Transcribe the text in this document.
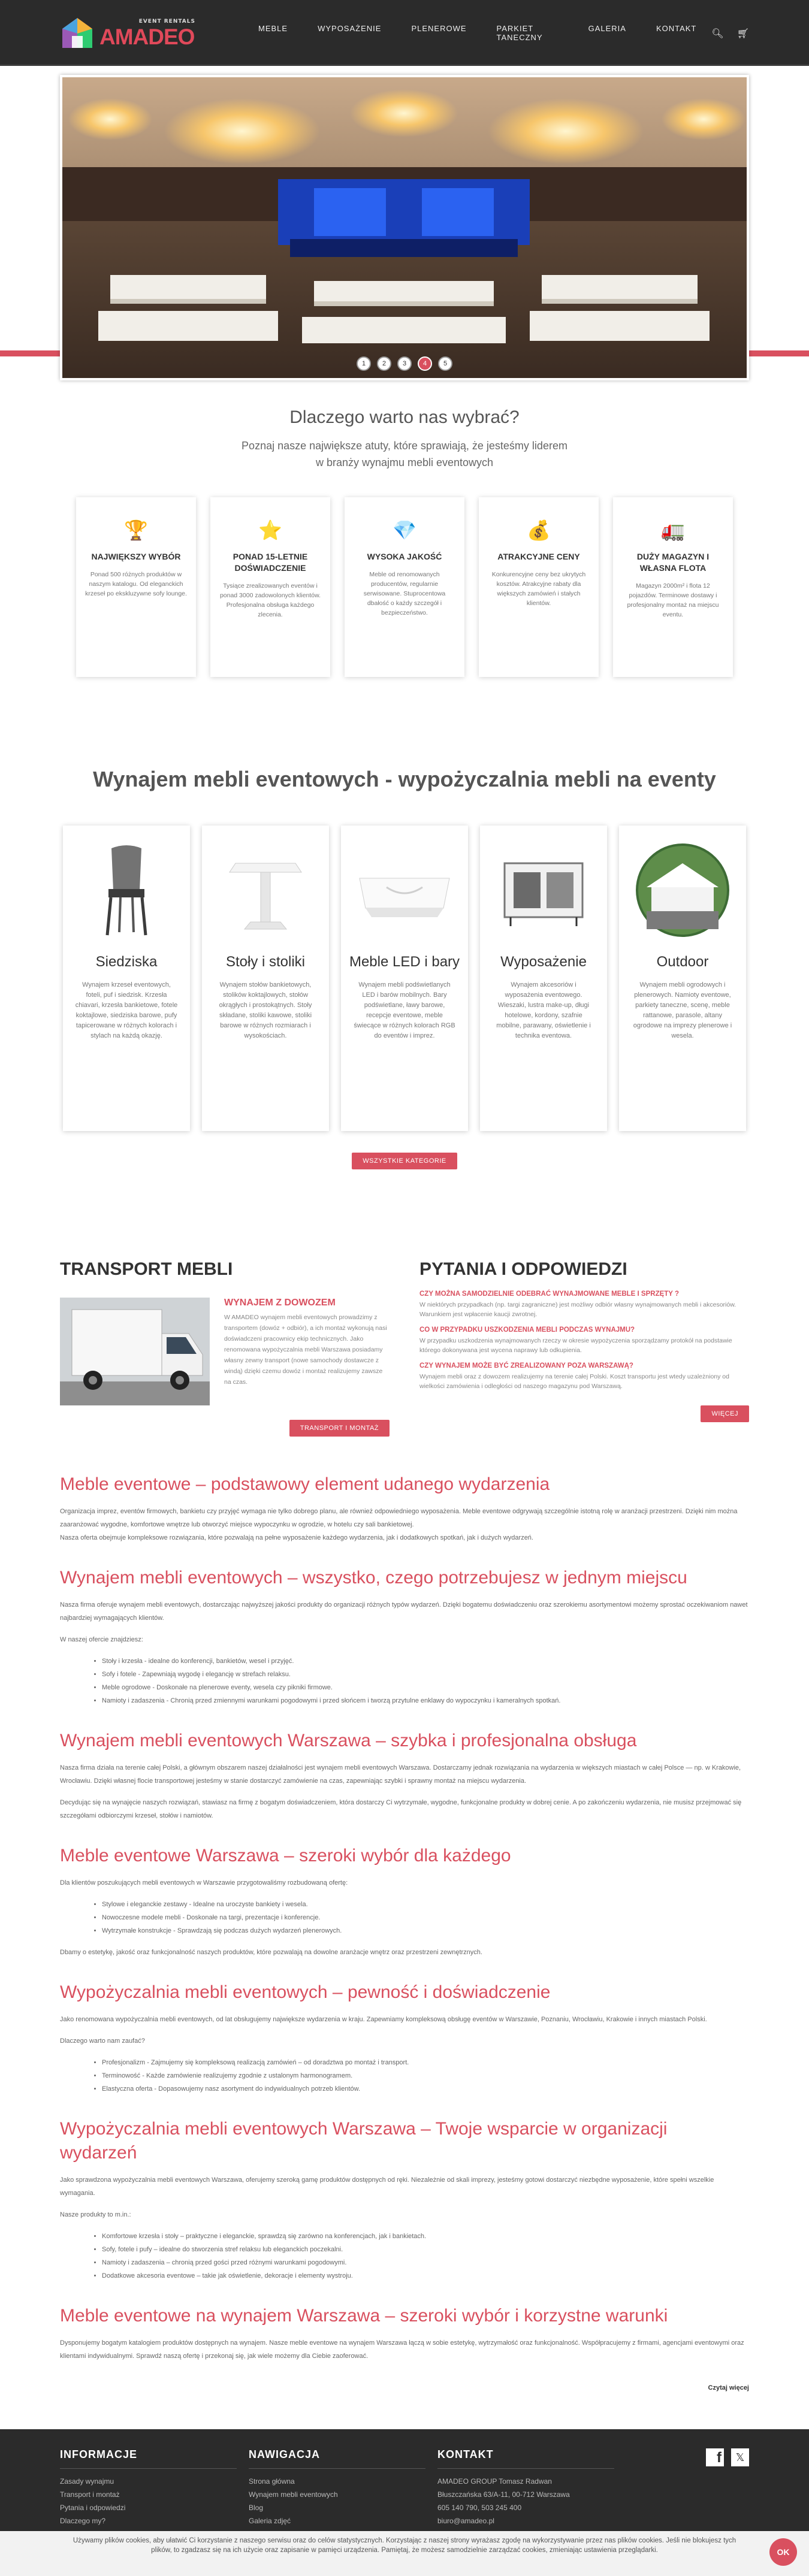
EVENT RENTALS
AMADEO	MEBLE	WYPOSAŻENIE	PLENEROWE	PARKIET TANECZNY
GALERIA	KONTAKT	🔍︎ 🛒︎
1	2	3	4	5
Dlaczego warto nas wybrać?
Poznaj nasze największe atuty, które sprawiają, że jesteśmy liderem
w branży wynajmu mebli eventowych
🏆
NAJWIĘKSZY WYBÓR

Ponad 500 różnych produktów w naszym katalogu. Od eleganckich krzeseł po ekskluzywne sofy lounge.

⭐
PONAD 15-LETNIE DOŚWIADCZENIE

Tysiące zrealizowanych eventów i ponad 3000 zadowolonych klientów. Profesjonalna obsługa każdego zlecenia.

💎
WYSOKA JAKOŚĆ

Meble od renomowanych producentów, regularnie serwisowane. Stuprocentowa dbałość o każdy szczegół i bezpieczeństwo.

💰
ATRAKCYJNE CENY

Konkurencyjne ceny bez ukrytych kosztów. Atrakcyjne rabaty dla większych zamówień i stałych klientów.

🚛
DUŻY MAGAZYN I WŁASNA FLOTA

Magazyn 2000m² i flota 12 pojazdów. Terminowe dostawy i profesjonalny montaż na miejscu eventu.

Wynajem mebli eventowych - wypożyczalnia mebli na eventy
Siedziska

Wynajem krzeseł eventowych, foteli, puf i siedzisk. Krzesła chiavari, krzesła bankietowe, fotele koktajlowe, siedziska barowe, pufy tapicerowane w różnych kolorach i stylach na każdą okazję.

Stoły i stoliki

Wynajem stołów bankietowych, stolików koktajlowych, stołów okrągłych i prostokątnych. Stoły składane, stoliki kawowe, stoliki barowe w różnych rozmiarach i wysokościach.

Meble LED i bary

Wynajem mebli podświetlanych LED i barów mobilnych. Bary podświetlane, ławy barowe, recepcje eventowe, meble świecące w różnych kolorach RGB do eventów i imprez.

Wyposażenie

Wynajem akcesoriów i wyposażenia eventowego. Wieszaki, lustra make-up, długi hotelowe, kordony, szafnie mobilne, parawany, oświetlenie i technika eventowa.

Outdoor

Wynajem mebli ogrodowych i plenerowych. Namioty eventowe, parkiety taneczne, scenę, meble rattanowe, parasole, altany ogrodowe na imprezy plenerowe i wesela.

WSZYSTKIE KATEGORIE
TRANSPORT MEBLI
WYNAJEM Z DOWOZEM

W AMADEO wynajem mebli eventowych prowadzimy z transportem (dowóz + odbiór), a ich montaż wykonują nasi doświadczeni pracownicy ekip technicznych. Jako renomowana wypożyczalnia mebli Warszawa posiadamy własny zewny transport (nowe samochody dostawcze z windą) dzięki czemu dowóz i montaż realizujemy zawsze na czas.

TRANSPORT I MONTAŻ
PYTANIA I ODPOWIEDZI
CZY MOŻNA SAMODZIELNIE ODEBRAĆ WYNAJMOWANE MEBLE I SPRZĘTY ?
W niektórych przypadkach (np. targi zagraniczne) jest możliwy odbiór własny wynajmowanych mebli i akcesoriów. Warunkiem jest wpłacenie kaucji zwrotnej.
CO W PRZYPADKU USZKODZENIA MEBLI PODCZAS WYNAJMU?
W przypadku uszkodzenia wynajmowanych rzeczy w okresie wypożyczenia sporządzamy protokół na podstawie którego dokonywana jest wycena naprawy lub odkupienia.
CZY WYNAJEM MOŻE BYĆ ZREALIZOWANY POZA WARSZAWĄ?
Wynajem mebli oraz z dowozem realizujemy na terenie całej Polski. Koszt transportu jest wtedy uzależniony od wielkości zamówienia i odległości od naszego magazynu pod Warszawą.
WIĘCEJ
Meble eventowe – podstawowy element udanego wydarzenia

Organizacja imprez, eventów firmowych, bankietu czy przyjęć wymaga nie tylko dobrego planu, ale również odpowiedniego wyposażenia. Meble eventowe odgrywają szczególnie istotną rolę w aranżacji przestrzeni. Dzięki nim można zaaranżować wygodne, komfortowe wnętrze lub otworzyć miejsce wypoczynku w ogrodzie, w hotelu czy sali bankietowej.

Nasza oferta obejmuje kompleksowe rozwiązania, które pozwalają na pełne wyposażenie każdego wydarzenia, jak i dodatkowych spotkań, jak i dużych wydarzeń.

Wynajem mebli eventowych – wszystko, czego potrzebujesz w jednym miejscu

Nasza firma oferuje wynajem mebli eventowych, dostarczając najwyższej jakości produkty do organizacji różnych typów wydarzeń. Dzięki bogatemu doświadczeniu oraz szerokiemu asortymentowi możemy sprostać oczekiwaniom nawet najbardziej wymagających klientów.

W naszej ofercie znajdziesz:

• Stoły i krzesła - idealne do konferencji, bankietów, wesel i przyjęć.
• Sofy i fotele - Zapewniają wygodę i elegancję w strefach relaksu.
• Meble ogrodowe - Doskonałe na plenerowe eventy, wesela czy pikniki firmowe.
• Namioty i zadaszenia - Chronią przed zmiennymi warunkami pogodowymi i przed słońcem i tworzą przytulne enklawy do wypoczynku i kameralnych spotkań.
Wynajem mebli eventowych Warszawa – szybka i profesjonalna obsługa

Nasza firma działa na terenie całej Polski, a głównym obszarem naszej działalności jest wynajem mebli eventowych Warszawa. Dostarczamy jednak rozwiązania na wydarzenia w większych miastach w całej Polsce — np. w Krakowie, Wrocławiu. Dzięki własnej flocie transportowej jesteśmy w stanie dostarczyć zamówienie na czas, zapewniając szybki i sprawny montaż na miejscu wydarzenia.

Decydując się na wynajęcie naszych rozwiązań, stawiasz na firmę z bogatym doświadczeniem, która dostarczy Ci wytrzymałe, wygodne, funkcjonalne produkty w dobrej cenie. A po zakończeniu wydarzenia, nie musisz przejmować się szczegółami odbiorczymi krzeseł, stołów i namiotów.

Meble eventowe Warszawa – szeroki wybór dla każdego

Dla klientów poszukujących mebli eventowych w Warszawie przygotowaliśmy rozbudowaną ofertę:

• Stylowe i eleganckie zestawy - Idealne na uroczyste bankiety i wesela.
• Nowoczesne modele mebli - Doskonałe na targi, prezentacje i konferencje.
• Wytrzymałe konstrukcje - Sprawdzają się podczas dużych wydarzeń plenerowych.

Dbamy o estetykę, jakość oraz funkcjonalność naszych produktów, które pozwalają na dowolne aranżacje wnętrz oraz przestrzeni zewnętrznych.

Wypożyczalnia mebli eventowych – pewność i doświadczenie

Jako renomowana wypożyczalnia mebli eventowych, od lat obsługujemy największe wydarzenia w kraju. Zapewniamy kompleksową obsługę eventów w Warszawie, Poznaniu, Wrocławiu, Krakowie i innych miastach Polski.

Dlaczego warto nam zaufać?

• Profesjonalizm - Zajmujemy się kompleksową realizacją zamówień – od doradztwa po montaż i transport.
• Terminowość - Każde zamówienie realizujemy zgodnie z ustalonym harmonogramem.
• Elastyczna oferta - Dopasowujemy nasz asortyment do indywidualnych potrzeb klientów.
Wypożyczalnia mebli eventowych Warszawa – Twoje wsparcie w organizacji wydarzeń

Jako sprawdzona wypożyczalnia mebli eventowych Warszawa, oferujemy szeroką gamę produktów dostępnych od ręki. Niezależnie od skali imprezy, jesteśmy gotowi dostarczyć niezbędne wyposażenie, które spełni wszelkie wymagania.

Nasze produkty to m.in.:

• Komfortowe krzesła i stoły – praktyczne i eleganckie, sprawdzą się zarówno na konferencjach, jak i bankietach.
• Sofy, fotele i pufy – idealne do stworzenia stref relaksu lub eleganckich poczekalni.
• Namioty i zadaszenia – chronią przed gości przed różnymi warunkami pogodowymi.
• Dodatkowe akcesoria eventowe – takie jak oświetlenie, dekoracje i elementy wystroju.
Meble eventowe na wynajem Warszawa – szeroki wybór i korzystne warunki

Dysponujemy bogatym katalogiem produktów dostępnych na wynajem. Nasze meble eventowe na wynajem Warszawa łączą w sobie estetykę, wytrzymałość oraz funkcjonalność. Współpracujemy z firmami, agencjami eventowymi oraz klientami indywidualnymi. Sprawdź naszą ofertę i przekonaj się, jak wiele możemy dla Ciebie zaoferować.

Czytaj więcej
INFORMACJE
Zasady wynajmu
Transport i montaż
Pytania i odpowiedzi
Dlaczego my?
NAWIGACJA
Strona główna
Wynajem mebli eventowych
Blog
Galeria zdjęć
KONTAKT
AMADEO GROUP Tomasz Radwan
Błuszczańska 63/A-11, 00-712 Warszawa
605 140 790, 503 245 400
biuro@amadeo.pl
f	𝕏

Używamy plików cookies, aby ułatwić Ci korzystanie z naszego serwisu oraz do celów statystycznych. Korzystając z naszej strony wyrażasz zgodę na wykorzystywanie przez nas plików cookies. Jeśli nie blokujesz tych plików, to zgadzasz się na ich użycie oraz zapisanie w pamięci urządzenia. Pamiętaj, że możesz samodzielnie zarządzać cookies, zmieniając ustawienia przeglądarki.	OK
